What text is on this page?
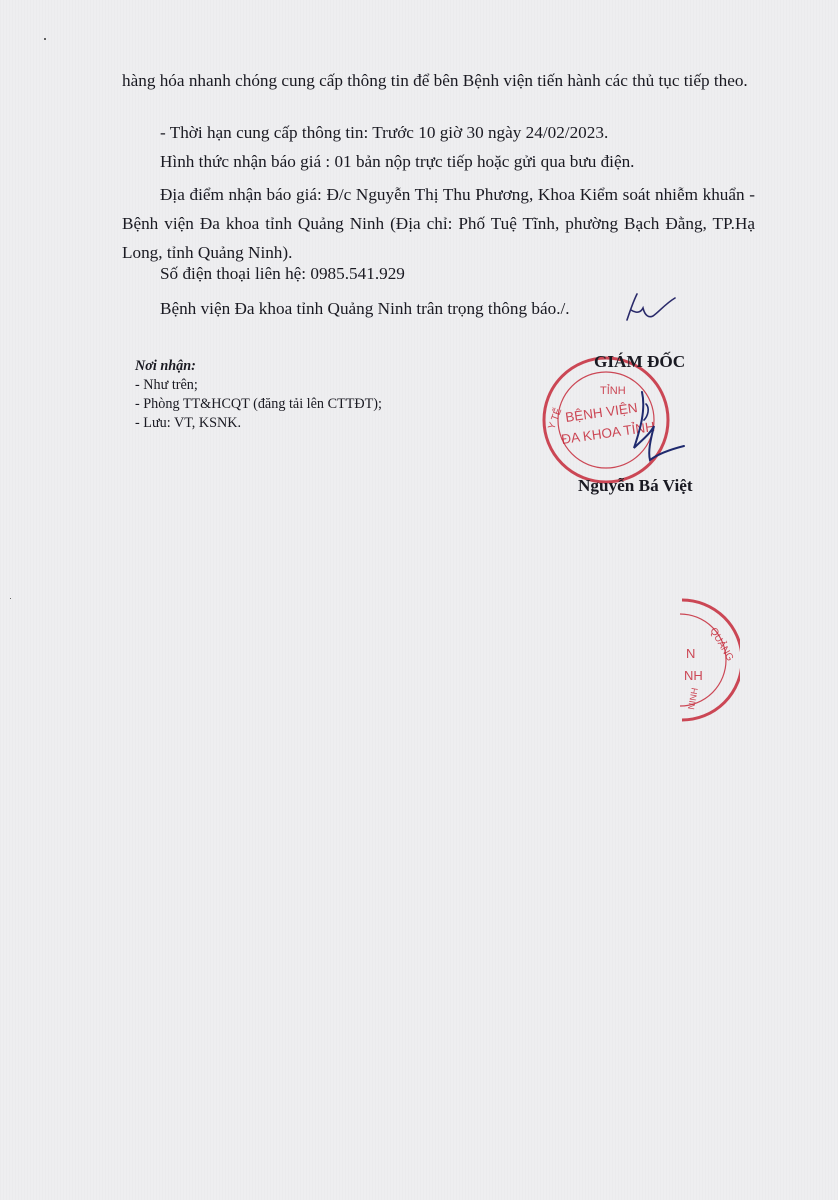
hàng hóa nhanh chóng cung cấp thông tin để bên Bệnh viện tiến hành các thủ tục tiếp theo.

- Thời hạn cung cấp thông tin: Trước 10 giờ 30 ngày 24/02/2023.
Hình thức nhận báo giá : 01 bản nộp trực tiếp hoặc gửi qua bưu điện.

Địa điểm nhận báo giá: Đ/c Nguyễn Thị Thu Phương, Khoa Kiểm soát nhiễm khuẩn - Bệnh viện Đa khoa tỉnh Quảng Ninh (Địa chỉ: Phố Tuệ Tĩnh, phường Bạch Đằng, TP.Hạ Long, tỉnh Quảng Ninh).

Số điện thoại liên hệ: 0985.541.929
Bệnh viện Đa khoa tỉnh Quảng Ninh trân trọng thông báo./.
Nơi nhận:
- Như trên;
- Phòng TT&HCQT (đăng tải lên CTTĐT);
- Lưu: VT, KSNK.
TỈNH
Y TẾ BỆNH VIỆN
ĐA KHOA TỈNH
GIÁM ĐỐC
Nguyễn Bá Việt
QUẢNG
N
NH
NINH
